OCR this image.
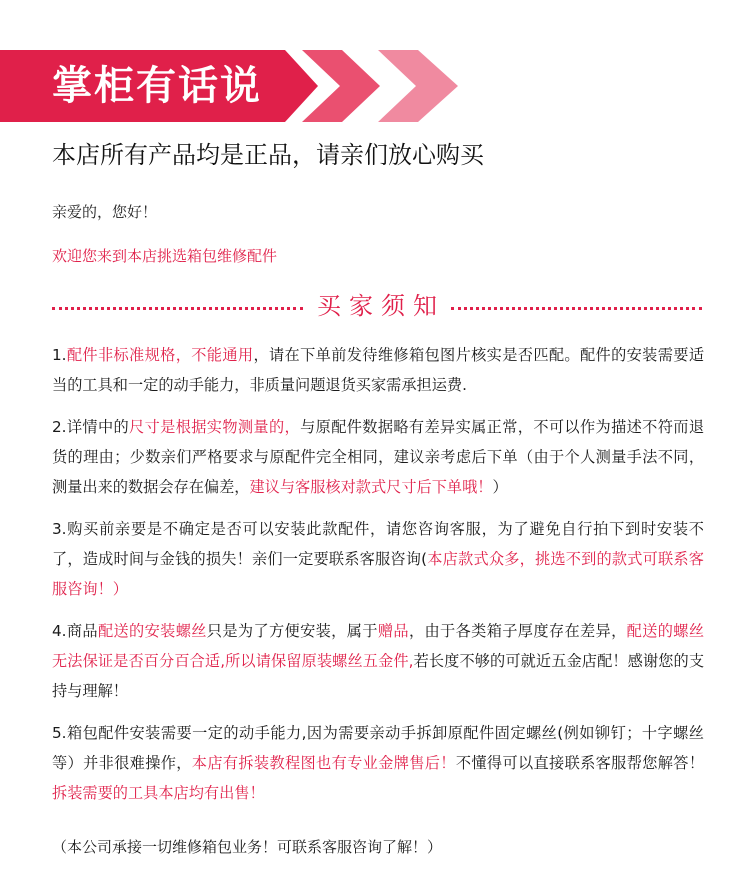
掌柜有话说
本店所有产品均是正品，请亲们放心购买
亲爱的，您好！
欢迎您来到本店挑选箱包维修配件
买家须知
1.配件非标准规格，不能通用，请在下单前发待维修箱包图片核实是否匹配。配件的安装需要适当的工具和一定的动手能力，非质量问题退货买家需承担运费.
2.详情中的尺寸是根据实物测量的，与原配件数据略有差异实属正常，不可以作为描述不符而退货的理由；少数亲们严格要求与原配件完全相同，建议亲考虑后下单（由于个人测量手法不同，测量出来的数据会存在偏差，建议与客服核对款式尺寸后下单哦！）
3.购买前亲要是不确定是否可以安装此款配件，请您咨询客服，为了避免自行拍下到时安装不了，造成时间与金钱的损失！亲们一定要联系客服咨询(本店款式众多，挑选不到的款式可联系客服咨询！）
4.商品配送的安装螺丝只是为了方便安装，属于赠品，由于各类箱子厚度存在差异，配送的螺丝无法保证是否百分百合适,所以请保留原装螺丝五金件,若长度不够的可就近五金店配！感谢您的支持与理解！
5.箱包配件安装需要一定的动手能力,因为需要亲动手拆卸原配件固定螺丝(例如铆钉；十字螺丝等）并非很难操作，本店有拆装教程图也有专业金牌售后！不懂得可以直接联系客服帮您解答！拆装需要的工具本店均有出售！
（本公司承接一切维修箱包业务！可联系客服咨询了解！）
